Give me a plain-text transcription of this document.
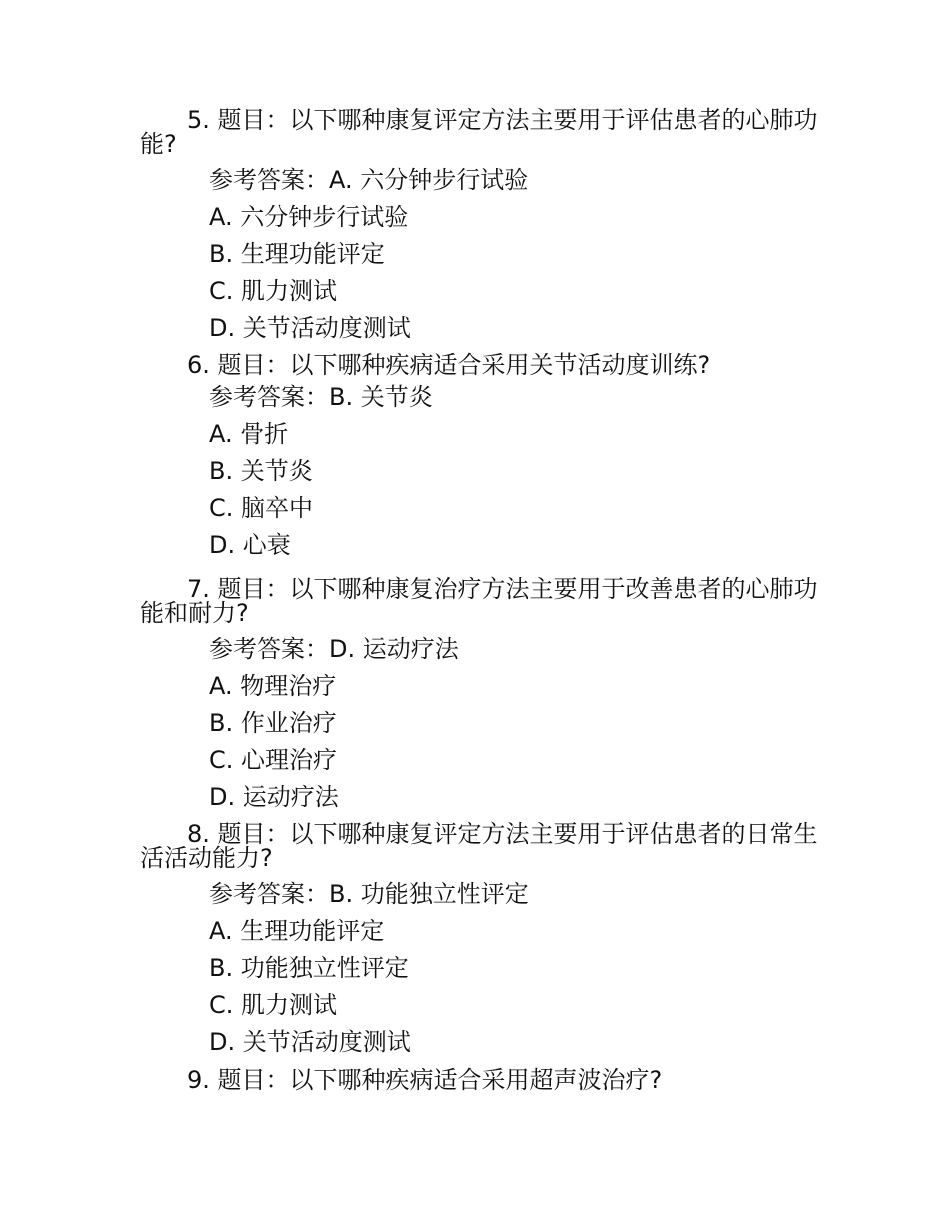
5. 题目：以下哪种康复评定方法主要用于评估患者的心肺功能?

参考答案：A. 六分钟步行试验

A. 六分钟步行试验

B. 生理功能评定

C. 肌力测试

D. 关节活动度测试

6. 题目：以下哪种疾病适合采用关节活动度训练?

参考答案：B. 关节炎

A. 骨折

B. 关节炎

C. 脑卒中

D. 心衰

7. 题目：以下哪种康复治疗方法主要用于改善患者的心肺功能和耐力?

参考答案：D. 运动疗法

A. 物理治疗

B. 作业治疗

C. 心理治疗

D. 运动疗法

8. 题目：以下哪种康复评定方法主要用于评估患者的日常生活活动能力?

参考答案：B. 功能独立性评定

A. 生理功能评定

B. 功能独立性评定

C. 肌力测试

D. 关节活动度测试

9. 题目：以下哪种疾病适合采用超声波治疗?
